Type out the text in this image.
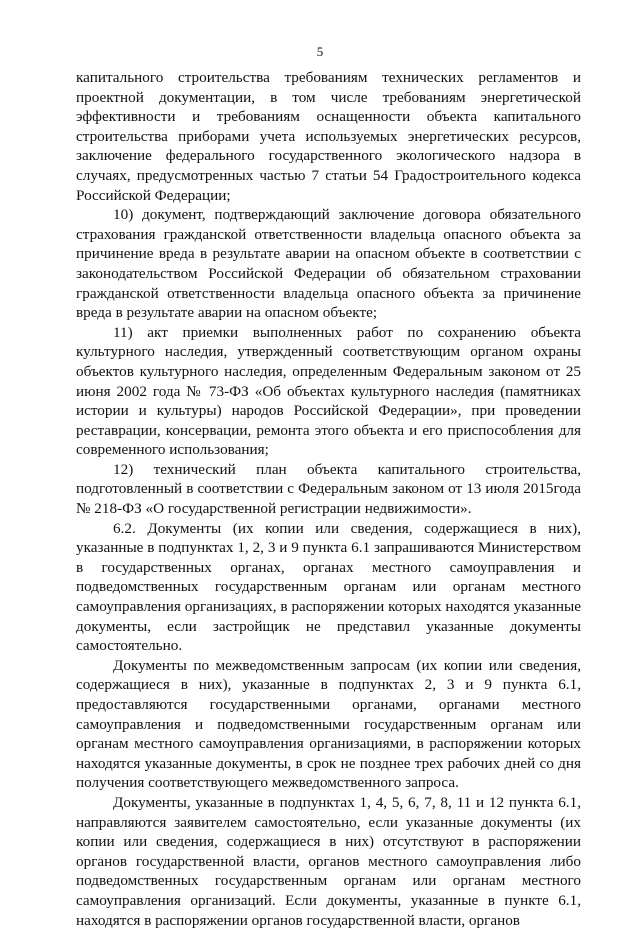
5

капитального строительства требованиям технических регламентов и проектной документации, в том числе требованиям энергетической эффективности и требованиям оснащенности объекта капитального строительства приборами учета используемых энергетических ресурсов, заключение федерального государственного экологического надзора в случаях, предусмотренных частью 7 статьи 54 Градостроительного кодекса Российской Федерации;

10) документ, подтверждающий заключение договора обязательного страхования гражданской ответственности владельца опасного объекта за причинение вреда в результате аварии на опасном объекте в соответствии с законодательством Российской Федерации об обязательном страховании гражданской ответственности владельца опасного объекта за причинение вреда в результате аварии на опасном объекте;

11) акт приемки выполненных работ по сохранению объекта культурного наследия, утвержденный соответствующим органом охраны объектов культурного наследия, определенным Федеральным законом от 25 июня 2002 года № 73-ФЗ «Об объектах культурного наследия (памятниках истории и культуры) народов Российской Федерации», при проведении реставрации, консервации, ремонта этого объекта и его приспособления для современного использования;

12) технический план объекта капитального строительства, подготовленный в соответствии с Федеральным законом от 13 июля 2015года № 218-ФЗ «О государственной регистрации недвижимости».

6.2. Документы (их копии или сведения, содержащиеся в них), указанные в подпунктах 1, 2, 3 и 9 пункта 6.1 запрашиваются Министерством в государственных органах, органах местного самоуправления и подведомственных государственным органам или органам местного самоуправления организациях, в распоряжении которых находятся указанные документы, если застройщик не представил указанные документы самостоятельно.

Документы по межведомственным запросам (их копии или сведения, содержащиеся в них), указанные в подпунктах 2, 3 и 9 пункта 6.1, предоставляются государственными органами, органами местного самоуправления и подведомственными государственным органам или органам местного самоуправления организациями, в распоряжении которых находятся указанные документы, в срок не позднее трех рабочих дней со дня получения соответствующего межведомственного запроса.

Документы, указанные в подпунктах 1, 4, 5, 6, 7, 8, 11 и 12 пункта 6.1, направляются заявителем самостоятельно, если указанные документы (их копии или сведения, содержащиеся в них) отсутствуют в распоряжении органов государственной власти, органов местного самоуправления либо подведомственных государственным органам или органам местного самоуправления организаций. Если документы, указанные в пункте 6.1, находятся в распоряжении органов государственной власти, органов
